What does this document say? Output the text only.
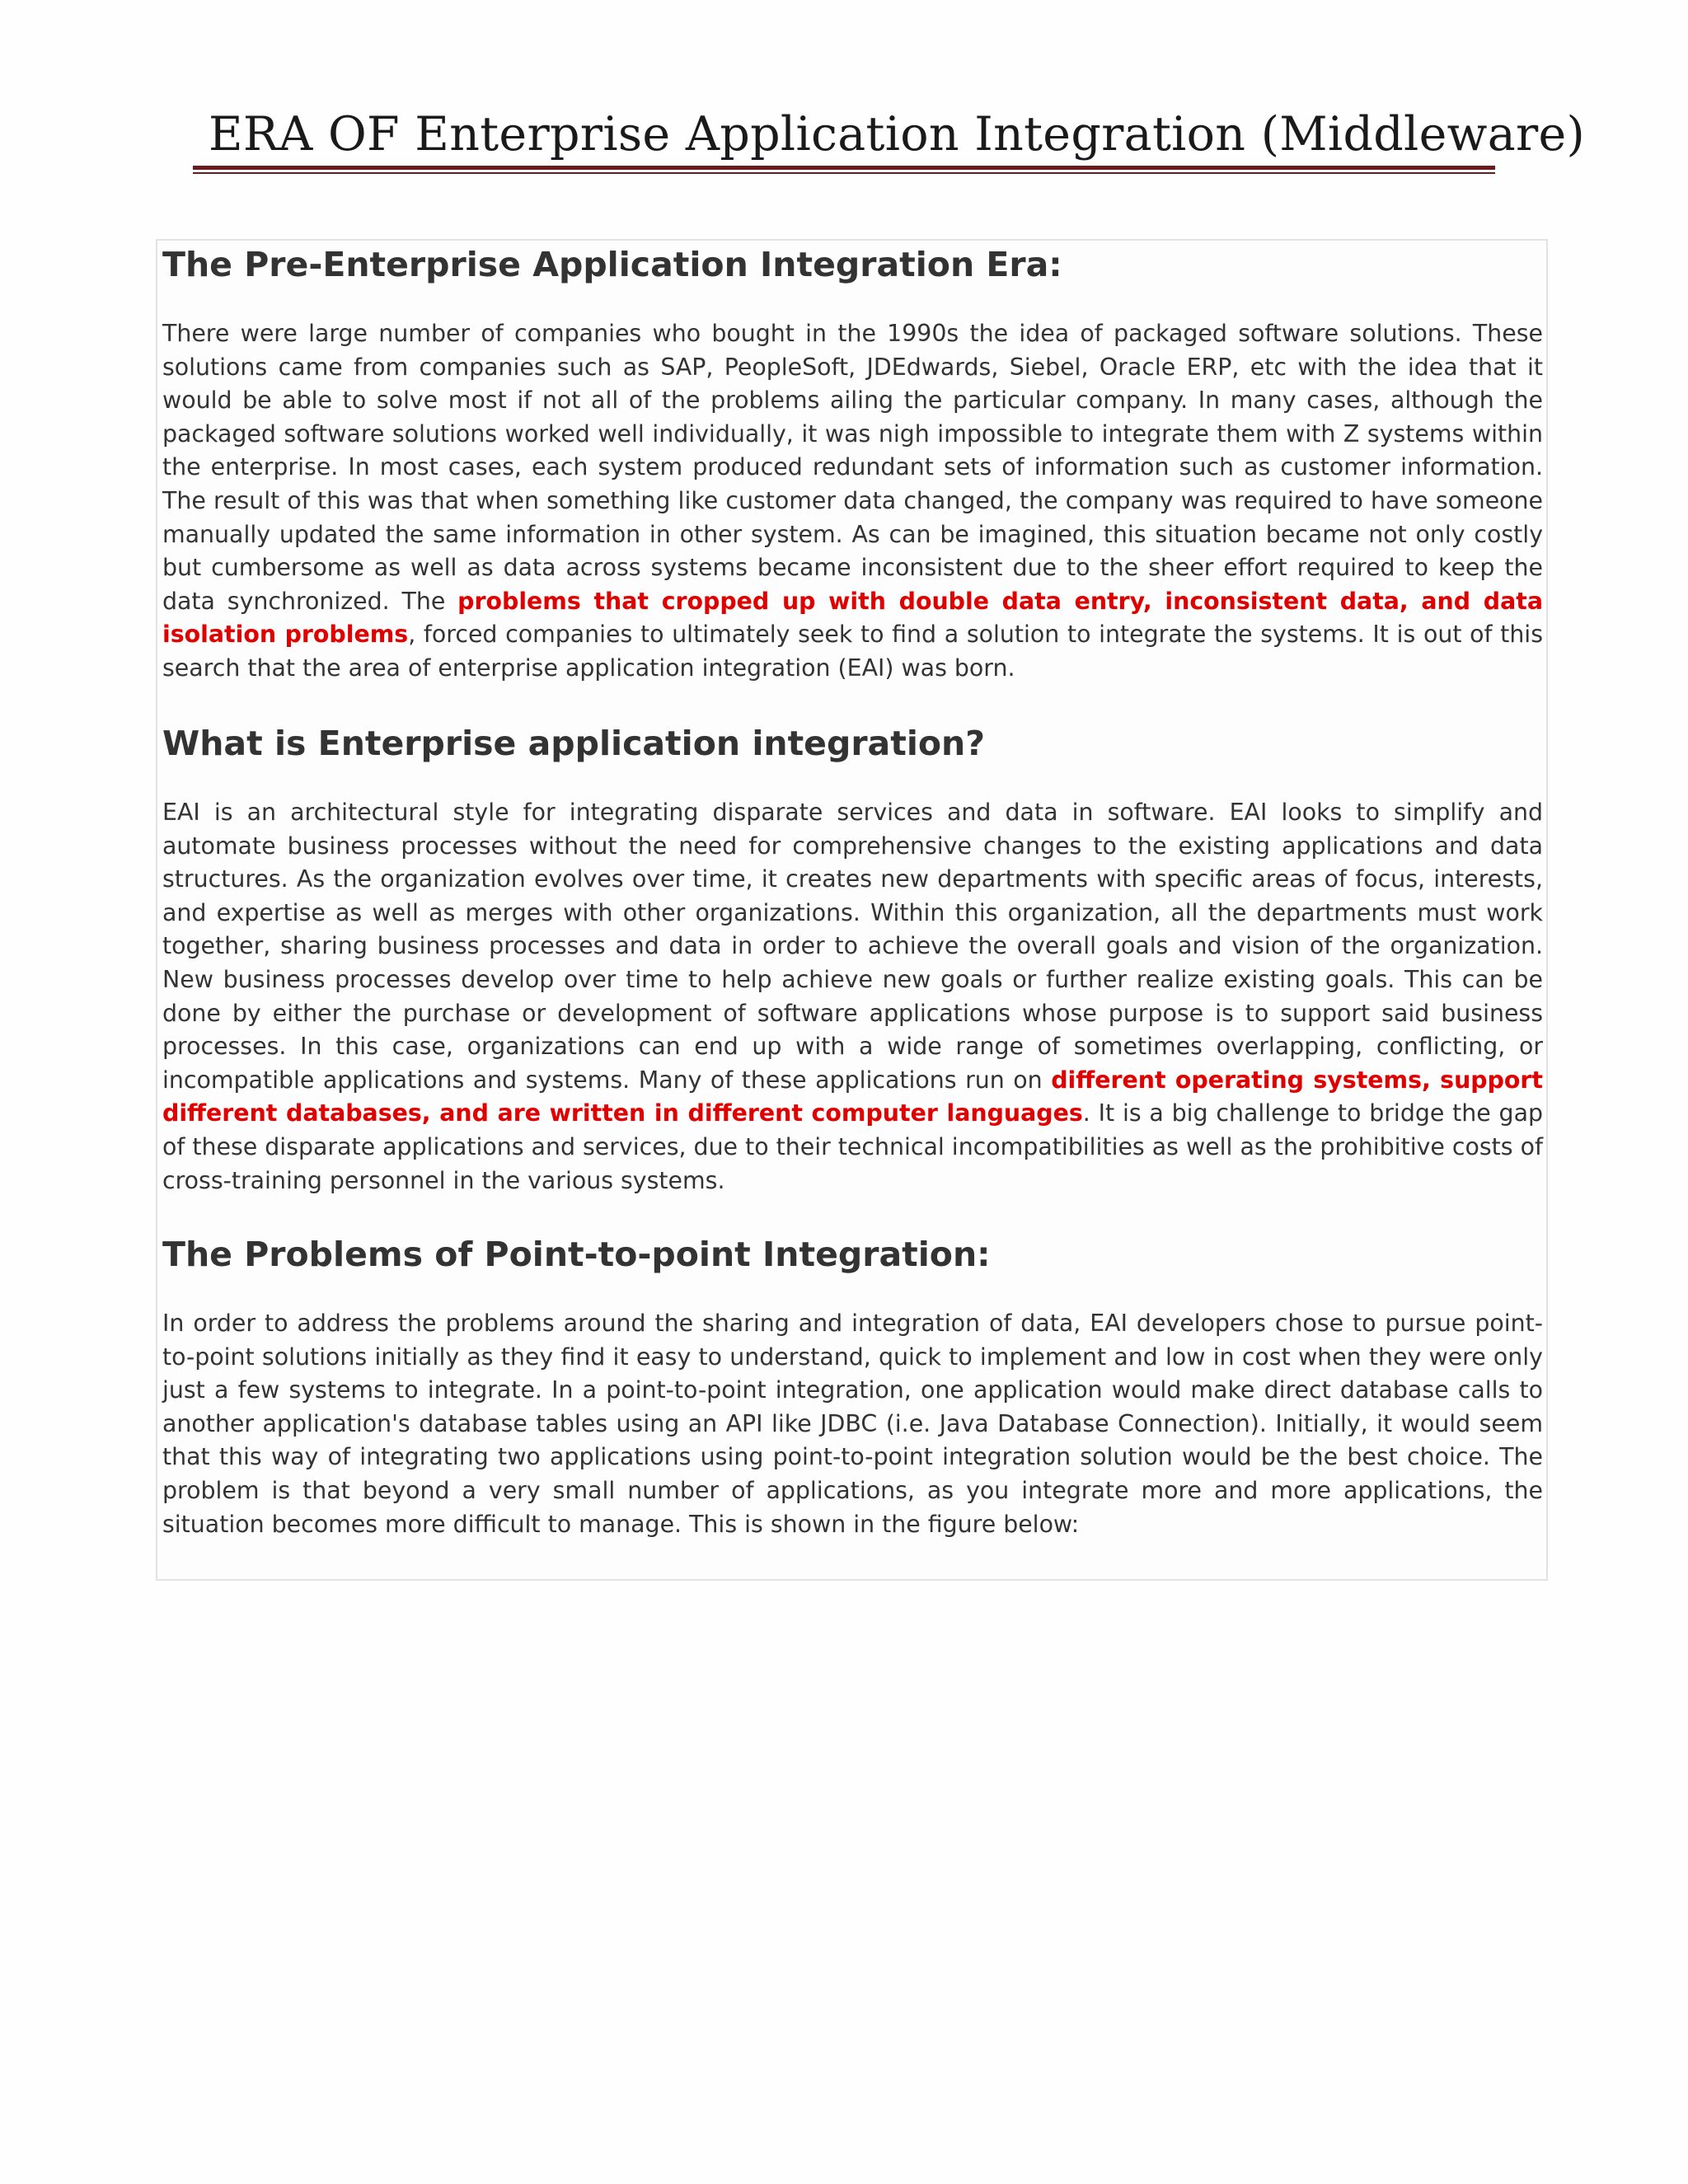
ERA OF Enterprise Application Integration (Middleware)
The Pre-Enterprise Application Integration Era:

There were large number of companies who bought in the 1990s the idea of packaged software solutions. These solutions came from companies such as SAP, PeopleSoft, JDEdwards, Siebel, Oracle ERP, etc with the idea that it would be able to solve most if not all of the problems ailing the particular company. In many cases, although the packaged software solutions worked well individually, it was nigh impossible to integrate them with Z systems within the enterprise. In most cases, each system produced redundant sets of information such as customer information. The result of this was that when something like customer data changed, the company was required to have someone manually updated the same information in other system. As can be imagined, this situation became not only costly but cumbersome as well as data across systems became inconsistent due to the sheer effort required to keep the data synchronized. The problems that cropped up with double data entry, inconsistent data, and data isolation problems, forced companies to ultimately seek to find a solution to integrate the systems. It is out of this search that the area of enterprise application integration (EAI) was born.

What is Enterprise application integration?

EAI is an architectural style for integrating disparate services and data in software. EAI looks to simplify and automate business processes without the need for comprehensive changes to the existing applications and data structures. As the organization evolves over time, it creates new departments with specific areas of focus, interests, and expertise as well as merges with other organizations. Within this organization, all the departments must work together, sharing business processes and data in order to achieve the overall goals and vision of the organization. New business processes develop over time to help achieve new goals or further realize existing goals. This can be done by either the purchase or development of software applications whose purpose is to support said business processes. In this case, organizations can end up with a wide range of sometimes overlapping, conflicting, or incompatible applications and systems. Many of these applications run on different operating systems, support different databases, and are written in different computer languages. It is a big challenge to bridge the gap of these disparate applications and services, due to their technical incompatibilities as well as the prohibitive costs of cross-training personnel in the various systems.

The Problems of Point-to-point Integration:

In order to address the problems around the sharing and integration of data, EAI developers chose to pursue point-to-point solutions initially as they find it easy to understand, quick to implement and low in cost when they were only just a few systems to integrate. In a point-to-point integration, one application would make direct database calls to another application's database tables using an API like JDBC (i.e. Java Database Connection). Initially, it would seem that this way of integrating two applications using point-to-point integration solution would be the best choice. The problem is that beyond a very small number of applications, as you integrate more and more applications, the situation becomes more difficult to manage. This is shown in the figure below:
